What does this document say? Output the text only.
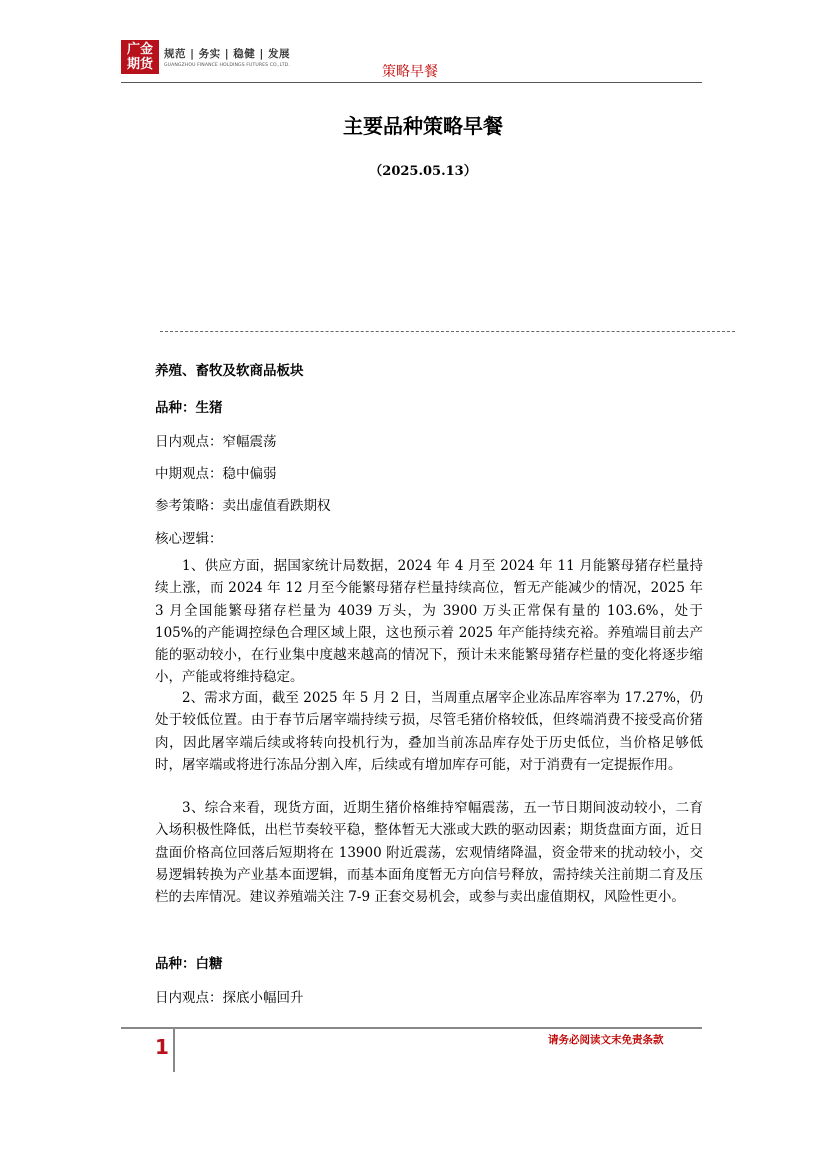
广金
期货
规范 | 务实 | 稳健 | 发展
GUANGZHOU FINANCE HOLDINGS FUTURES CO.,LTD.	策略早餐
主要品种策略早餐
（2025.05.13）
养殖、畜牧及软商品板块
品种：生猪
日内观点：窄幅震荡
中期观点：稳中偏弱
参考策略：卖出虚值看跌期权
核心逻辑：

1、供应方面，据国家统计局数据，2024 年 4 月至 2024 年 11 月能繁母猪存栏量持续上涨，而 2024 年 12 月至今能繁母猪存栏量持续高位，暂无产能减少的情况，2025 年 3 月全国能繁母猪存栏量为 4039 万头，为 3900 万头正常保有量的 103.6%，处于 105%的产能调控绿色合理区域上限，这也预示着 2025 年产能持续充裕。养殖端目前去产能的驱动较小，在行业集中度越来越高的情况下，预计未来能繁母猪存栏量的变化将逐步缩小，产能或将维持稳定。

2、需求方面，截至 2025 年 5 月 2 日，当周重点屠宰企业冻品库容率为 17.27%，仍处于较低位置。由于春节后屠宰端持续亏损，尽管毛猪价格较低，但终端消费不接受高价猪肉，因此屠宰端后续或将转向投机行为，叠加当前冻品库存处于历史低位，当价格足够低时，屠宰端或将进行冻品分割入库，后续或有增加库存可能，对于消费有一定提振作用。

3、综合来看，现货方面，近期生猪价格维持窄幅震荡，五一节日期间波动较小，二育入场积极性降低，出栏节奏较平稳，整体暂无大涨或大跌的驱动因素；期货盘面方面，近日盘面价格高位回落后短期将在 13900 附近震荡，宏观情绪降温，资金带来的扰动较小，交易逻辑转换为产业基本面逻辑，而基本面角度暂无方向信号释放，需持续关注前期二育及压栏的去库情况。建议养殖端关注 7-9 正套交易机会，或参与卖出虚值期权，风险性更小。

品种：白糖
日内观点：探底小幅回升
1	请务必阅读文末免责条款
